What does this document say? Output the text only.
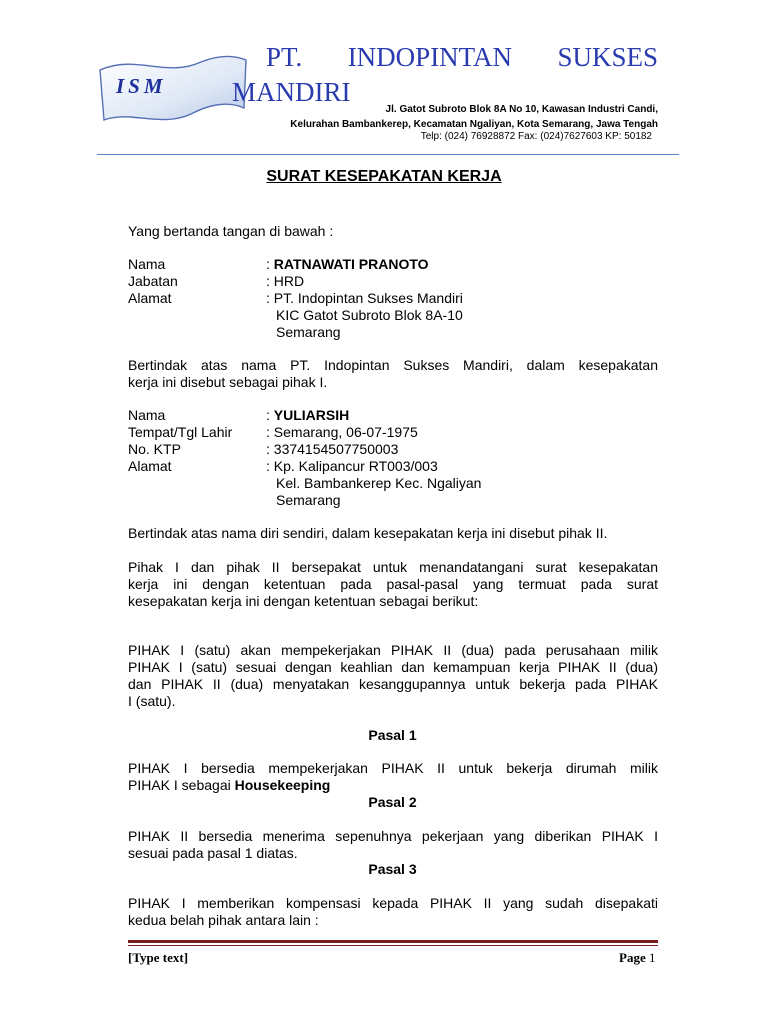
ISM
PT. INDOPINTAN SUKSES
MANDIRI
Jl. Gatot Subroto Blok 8A No 10, Kawasan Industri Candi,
Kelurahan Bambankerep, Kecamatan Ngaliyan, Kota Semarang, Jawa Tengah
Telp: (024) 76928872 Fax: (024)7627603 KP: 50182
SURAT KESEPAKATAN KERJA
Yang bertanda tangan di bawah :
Nama	: RATNAWATI PRANOTO
Jabatan	: HRD
Alamat	: PT. Indopintan Sukses Mandiri
KIC Gatot Subroto Blok 8A-10
Semarang
Bertindak atas nama PT. Indopintan Sukses Mandiri, dalam kesepakatan
kerja ini disebut sebagai pihak I.
Nama	: YULIARSIH
Tempat/Tgl Lahir : Semarang, 06-07-1975
No. KTP	: 3374154507750003
Alamat	: Kp. Kalipancur RT003/003
Kel. Bambankerep Kec. Ngaliyan
Semarang
Bertindak atas nama diri sendiri, dalam kesepakatan kerja ini disebut pihak II.
Pihak I dan pihak II bersepakat untuk menandatangani surat kesepakatan
kerja ini dengan ketentuan pada pasal-pasal yang termuat pada surat
kesepakatan kerja ini dengan ketentuan sebagai berikut:
PIHAK I (satu) akan mempekerjakan PIHAK II (dua) pada perusahaan milik
PIHAK I (satu) sesuai dengan keahlian dan kemampuan kerja PIHAK II (dua)
dan PIHAK II (dua) menyatakan kesanggupannya untuk bekerja pada PIHAK
I (satu).
Pasal 1
PIHAK I bersedia mempekerjakan PIHAK II untuk bekerja dirumah milik
PIHAK I sebagai Housekeeping
Pasal 2
PIHAK II bersedia menerima sepenuhnya pekerjaan yang diberikan PIHAK I
sesuai pada pasal 1 diatas.
Pasal 3
PIHAK I memberikan kompensasi kepada PIHAK II yang sudah disepakati
kedua belah pihak antara lain :
[Type text]	Page 1
